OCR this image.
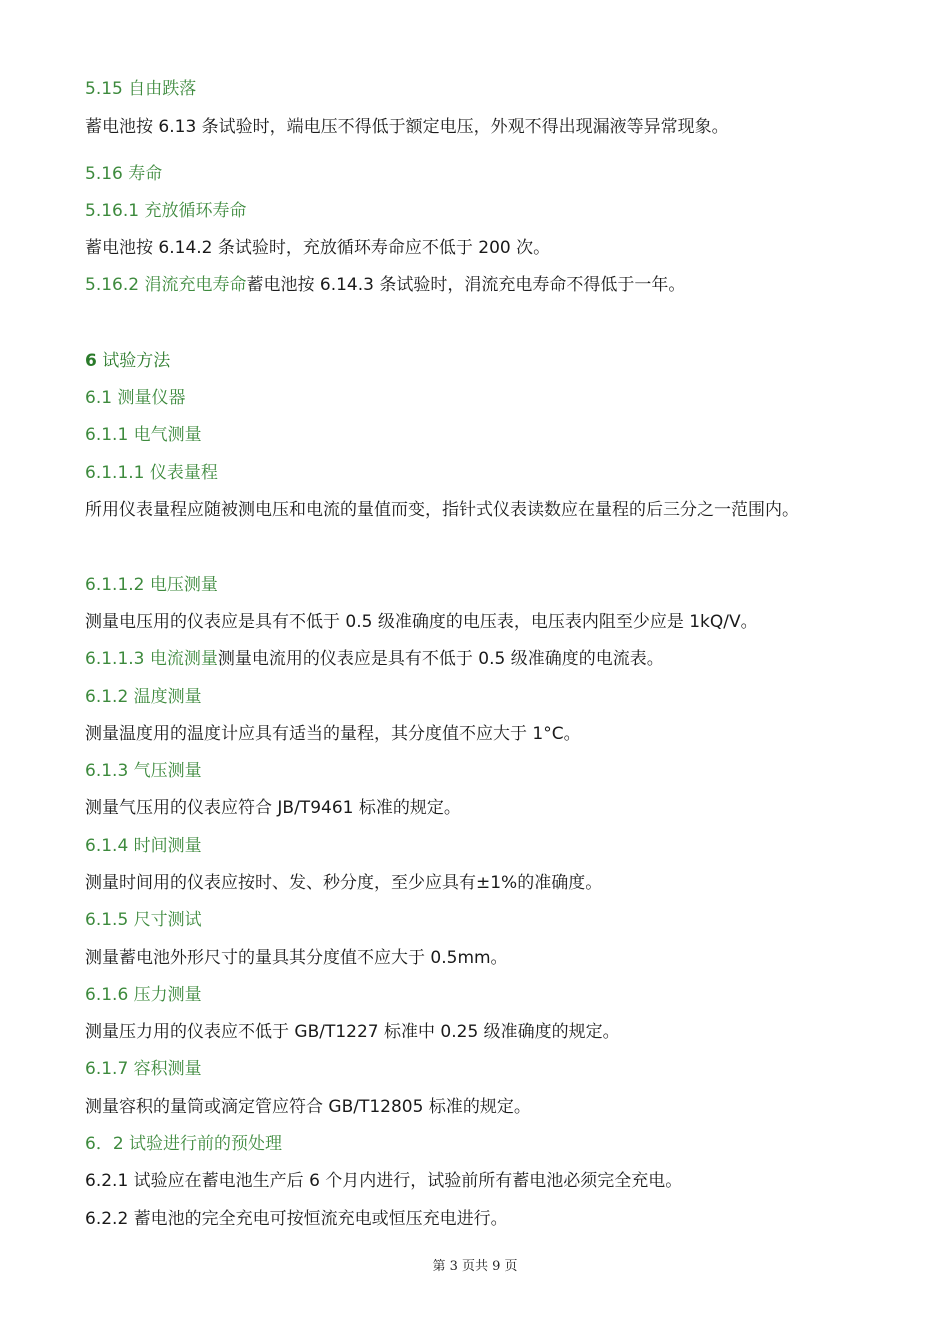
5.15 自由跌落
蓄电池按 6.13 条试验时，端电压不得低于额定电压，外观不得出现漏液等异常现象。
5.16 寿命
5.16.1 充放循环寿命
蓄电池按 6.14.2 条试验时，充放循环寿命应不低于 200 次。
5.16.2 涓流充电寿命蓄电池按 6.14.3 条试验时，涓流充电寿命不得低于一年。
6 试验方法
6.1 测量仪器
6.1.1 电气测量
6.1.1.1 仪表量程
所用仪表量程应随被测电压和电流的量值而变，指针式仪表读数应在量程的后三分之一范围内。
6.1.1.2 电压测量
测量电压用的仪表应是具有不低于 0.5 级准确度的电压表，电压表内阻至少应是 1kQ/V。
6.1.1.3 电流测量测量电流用的仪表应是具有不低于 0.5 级准确度的电流表。
6.1.2 温度测量
测量温度用的温度计应具有适当的量程，其分度值不应大于 1°C。
6.1.3 气压测量
测量气压用的仪表应符合 JB/T9461 标准的规定。
6.1.4 时间测量
测量时间用的仪表应按时、发、秒分度，至少应具有±1%的准确度。
6.1.5 尺寸测试
测量蓄电池外形尺寸的量具其分度值不应大于 0.5mm。
6.1.6 压力测量
测量压力用的仪表应不低于 GB/T1227 标准中 0.25 级准确度的规定。
6.1.7 容积测量
测量容积的量筒或滴定管应符合 GB/T12805 标准的规定。
6．2 试验进行前的预处理
6.2.1 试验应在蓄电池生产后 6 个月内进行，试验前所有蓄电池必须完全充电。
6.2.2 蓄电池的完全充电可按恒流充电或恒压充电进行。
第 3 页共 9 页
